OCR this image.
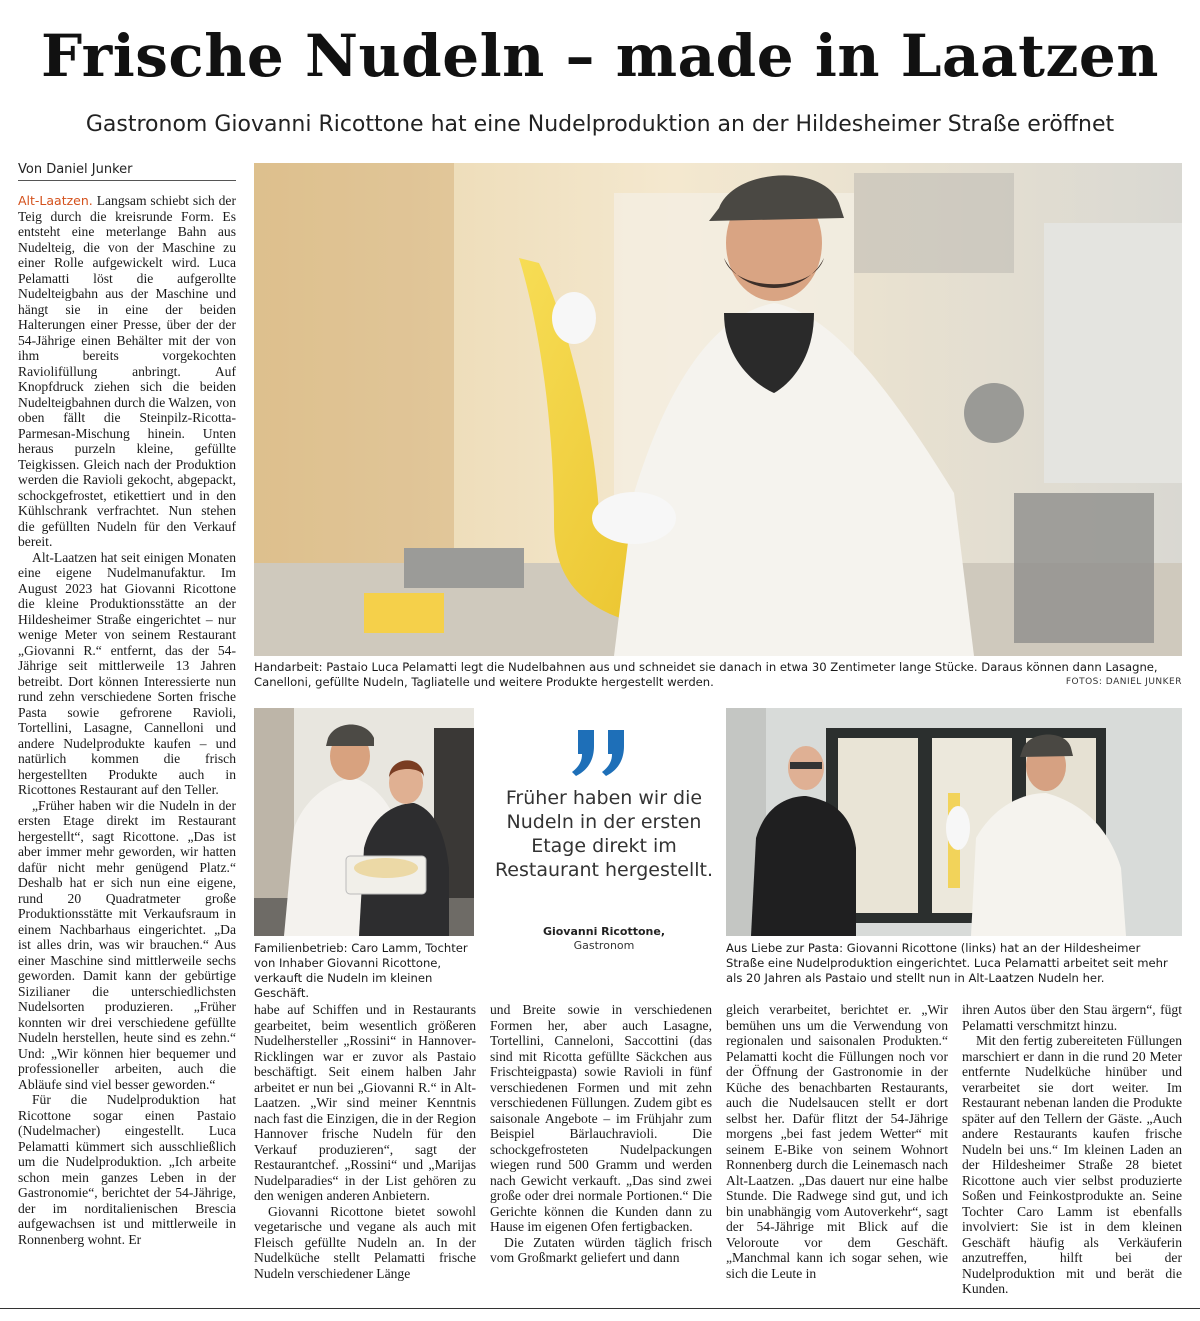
Frische Nudeln – made in Laatzen
Gastronom Giovanni Ricottone hat eine Nudelproduktion an der Hildesheimer Straße eröffnet
Von Daniel Junker

Alt-Laatzen. Langsam schiebt sich der Teig durch die kreisrunde Form. Es entsteht eine meterlange Bahn aus Nudelteig, die von der Maschine zu einer Rolle aufgewickelt wird. Luca Pelamatti löst die aufgerollte Nudelteigbahn aus der Maschine und hängt sie in eine der beiden Halterungen einer Presse, über der der 54-Jährige einen Behälter mit der von ihm bereits vorgekochten Raviolifüllung anbringt. Auf Knopfdruck ziehen sich die beiden Nudelteigbahnen durch die Walzen, von oben fällt die Steinpilz-Ricotta-Parmesan-Mischung hinein. Unten heraus purzeln kleine, gefüllte Teigkissen. Gleich nach der Produktion werden die Ravioli gekocht, abgepackt, schockgefrostet, etikettiert und in den Kühlschrank verfrachtet. Nun stehen die gefüllten Nudeln für den Verkauf bereit.

Alt-Laatzen hat seit einigen Monaten eine eigene Nudelmanufaktur. Im August 2023 hat Giovanni Ricottone die kleine Produktionsstätte an der Hildesheimer Straße eingerichtet – nur wenige Meter von seinem Restaurant „Giovanni R.“ entfernt, das der 54-Jährige seit mittlerweile 13 Jahren betreibt. Dort können Interessierte nun rund zehn verschiedene Sorten frische Pasta sowie gefrorene Ravioli, Tortellini, Lasagne, Cannelloni und andere Nudelprodukte kaufen – und natürlich kommen die frisch hergestellten Produkte auch in Ricottones Restaurant auf den Teller.

„Früher haben wir die Nudeln in der ersten Etage direkt im Restaurant hergestellt“, sagt Ricottone. „Das ist aber immer mehr geworden, wir hatten dafür nicht mehr genügend Platz.“ Deshalb hat er sich nun eine eigene, rund 20 Quadratmeter große Produktionsstätte mit Verkaufsraum in einem Nachbarhaus eingerichtet. „Da ist alles drin, was wir brauchen.“ Aus einer Maschine sind mittlerweile sechs geworden. Damit kann der gebürtige Sizilianer die unterschiedlichsten Nudelsorten produzieren. „Früher konnten wir drei verschiedene gefüllte Nudeln herstellen, heute sind es zehn.“ Und: „Wir können hier bequemer und professioneller arbeiten, auch die Abläufe sind viel besser geworden.“

Für die Nudelproduktion hat Ricottone sogar einen Pastaio (Nudelmacher) eingestellt. Luca Pelamatti kümmert sich ausschließlich um die Nudelproduktion. „Ich arbeite schon mein ganzes Leben in der Gastronomie“, berichtet der 54-Jährige, der im norditalienischen Brescia aufgewachsen ist und mittlerweile in Ronnenberg wohnt. Er

Handarbeit: Pastaio Luca Pelamatti legt die Nudelbahnen aus und schneidet sie danach in etwa 30 Zentimeter lange Stücke. Daraus können dann Lasagne, Canelloni, gefüllte Nudeln, Tagliatelle und weitere Produkte hergestellt werden.	FOTOS: DANIEL JUNKER
Familienbetrieb: Caro Lamm, Tochter von Inhaber Giovanni Ricottone, verkauft die Nudeln im kleinen Geschäft.
Früher haben wir die Nudeln in der ersten Etage direkt im Restaurant hergestellt.
Giovanni Ricottone,
Gastronom	Aus Liebe zur Pasta: Giovanni Ricottone (links) hat an der Hildesheimer Straße eine Nudelproduktion eingerichtet. Luca Pelamatti arbeitet seit mehr als 20 Jahren als Pastaio und stellt nun in Alt-Laatzen Nudeln her.

habe auf Schiffen und in Restaurants gearbeitet, beim wesentlich größeren Nudelhersteller „Rossini“ in Hannover-Ricklingen war er zuvor als Pastaio beschäftigt. Seit einem halben Jahr arbeitet er nun bei „Giovanni R.“ in Alt-Laatzen. „Wir sind meiner Kenntnis nach fast die Einzigen, die in der Region Hannover frische Nudeln für den Verkauf produzieren“, sagt der Restaurantchef. „Rossini“ und „Marijas Nudelparadies“ in der List gehören zu den wenigen anderen Anbietern.

Giovanni Ricottone bietet sowohl vegetarische und vegane als auch mit Fleisch gefüllte Nudeln an. In der Nudelküche stellt Pelamatti frische Nudeln verschiedener Länge

und Breite sowie in verschiedenen Formen her, aber auch Lasagne, Tortellini, Canneloni, Saccottini (das sind mit Ricotta gefüllte Säckchen aus Frischteigpasta) sowie Ravioli in fünf verschiedenen Formen und mit zehn verschiedenen Füllungen. Zudem gibt es saisonale Angebote – im Frühjahr zum Beispiel Bärlauchravioli. Die schockgefrosteten Nudelpackungen wiegen rund 500 Gramm und werden nach Gewicht verkauft. „Das sind zwei große oder drei normale Portionen.“ Die Gerichte können die Kunden dann zu Hause im eigenen Ofen fertigbacken.

Die Zutaten würden täglich frisch vom Großmarkt geliefert und dann

gleich verarbeitet, berichtet er. „Wir bemühen uns um die Verwendung von regionalen und saisonalen Produkten.“ Pelamatti kocht die Füllungen noch vor der Öffnung der Gastronomie in der Küche des benachbarten Restaurants, auch die Nudelsaucen stellt er dort selbst her. Dafür flitzt der 54-Jährige morgens „bei fast jedem Wetter“ mit seinem E-Bike von seinem Wohnort Ronnenberg durch die Leinemasch nach Alt-Laatzen. „Das dauert nur eine halbe Stunde. Die Radwege sind gut, und ich bin unabhängig vom Autoverkehr“, sagt der 54-Jährige mit Blick auf die Veloroute vor dem Geschäft. „Manchmal kann ich sogar sehen, wie sich die Leute in

ihren Autos über den Stau ärgern“, fügt Pelamatti verschmitzt hinzu.

Mit den fertig zubereiteten Füllungen marschiert er dann in die rund 20 Meter entfernte Nudelküche hinüber und verarbeitet sie dort weiter. Im Restaurant nebenan landen die Produkte später auf den Tellern der Gäste. „Auch andere Restaurants kaufen frische Nudeln bei uns.“ Im kleinen Laden an der Hildesheimer Straße 28 bietet Ricottone auch vier selbst produzierte Soßen und Feinkostprodukte an. Seine Tochter Caro Lamm ist ebenfalls involviert: Sie ist in dem kleinen Geschäft häufig als Verkäuferin anzutreffen, hilft bei der Nudelproduktion mit und berät die Kunden.
